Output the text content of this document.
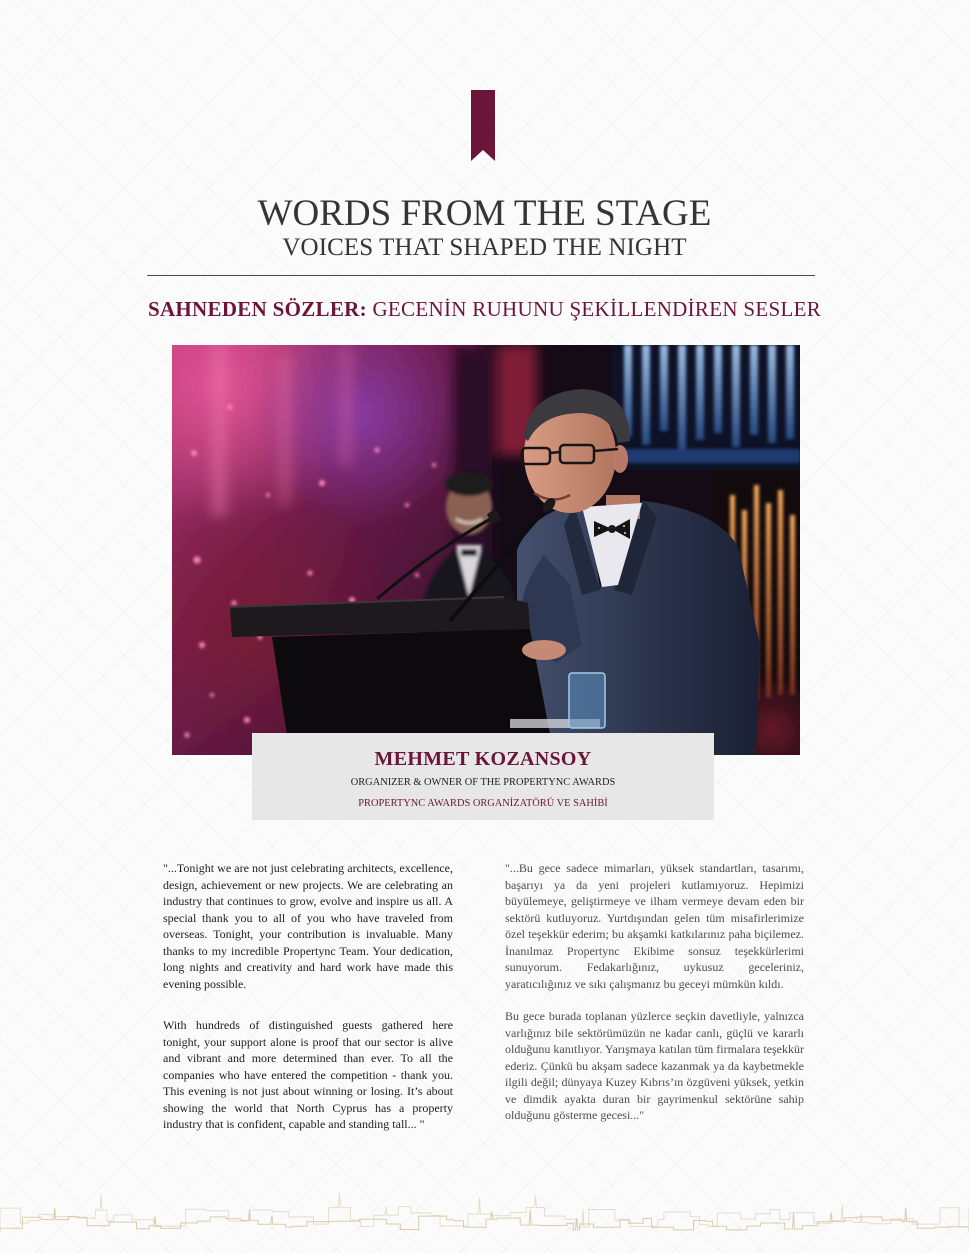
WORDS FROM THE STAGE
VOICES THAT SHAPED THE NIGHT
SAHNEDEN SÖZLER: GECENİN RUHUNU ŞEKİLLENDİREN SESLER
MEHMET KOZANSOY
ORGANIZER & OWNER OF THE PROPERTYNC AWARDS
PROPERTYNC AWARDS ORGANİZATÖRÜ VE SAHİBİ

"...Tonight we are not just celebrating architects, excellence, design, achievement or new projects. We are celebrating an industry that continues to grow, evolve and inspire us all. A special thank you to all of you who have traveled from overseas. Tonight, your contribution is invaluable. Many thanks to my incredible Propertync Team. Your dedication, long nights and creativity and hard work have made this evening possible.

With hundreds of distinguished guests gathered here tonight, your support alone is proof that our sector is alive and vibrant and more determined than ever. To all the companies who have entered the competition - thank you. This evening is not just about winning or losing. It’s about showing the world that North Cyprus has a property industry that is confident, capable and standing tall... "

"...Bu gece sadece mimarları, yüksek standartları, tasarımı, başarıyı ya da yeni projeleri kutlamıyoruz. Hepimizi büyülemeye, geliştirmeye ve ilham vermeye devam eden bir sektörü kutluyoruz. Yurtdışından gelen tüm misafirlerimize özel teşekkür ederim; bu akşamki katkılarınız paha biçilemez. İnanılmaz Propertync Ekibime sonsuz teşekkürlerimi sunuyorum. Fedakarlığınız, uykusuz geceleriniz, yaratıcılığınız ve sıkı çalışmanız bu geceyi mümkün kıldı.

Bu gece burada toplanan yüzlerce seçkin davetliyle, yalnızca varlığınız bile sektörümüzün ne kadar canlı, güçlü ve kararlı olduğunu kanıtlıyor. Yarışmaya katılan tüm firmalara teşekkür ederiz. Çünkü bu akşam sadece kazanmak ya da kaybetmekle ilgili değil; dünyaya Kuzey Kıbrıs’ın özgüveni yüksek, yetkin ve dimdik ayakta duran bir gayrimenkul sektörüne sahip olduğunu gösterme gecesi..."
